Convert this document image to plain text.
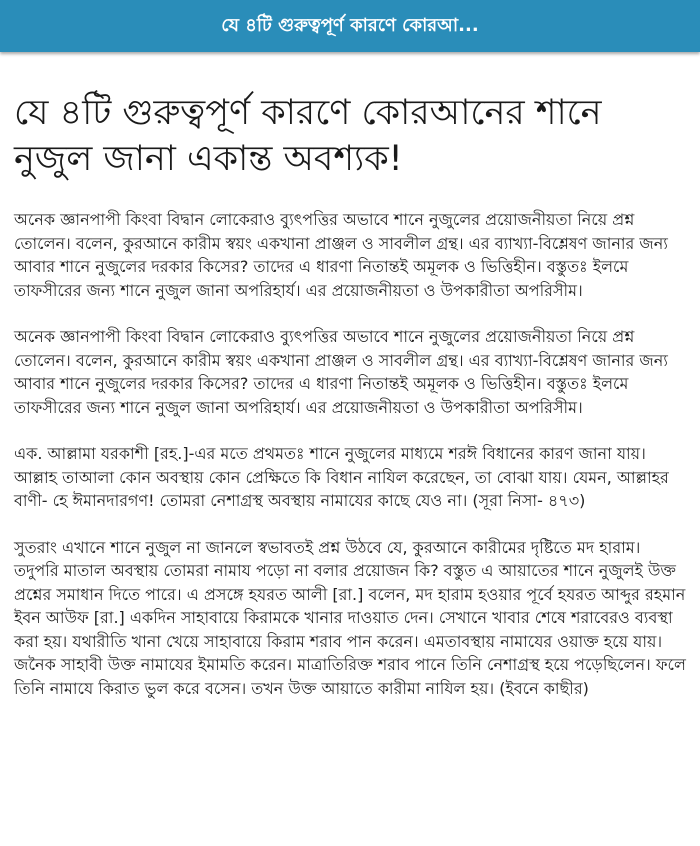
যে ৪টি গুরুত্বপূর্ণ কারণে কোরআ...
যে ৪টি গুরুত্বপূর্ণ কারণে কোরআনের শানে নুজুল জানা একান্ত অবশ্যক!

অনেক জ্ঞানপাপী কিংবা বিদ্বান লোকেরাও ব্যুৎপত্তির অভাবে শানে নুজুলের প্রয়োজনীয়তা নিয়ে প্রশ্ন তোলেন। বলেন, কুরআনে কারীম স্বয়ং একখানা প্রাঞ্জল ও সাবলীল গ্রন্থ। এর ব্যাখ্যা-বিশ্লেষণ জানার জন্য আবার শানে নুজুলের দরকার কিসের? তাদের এ ধারণা নিতান্তই অমূলক ও ভিত্তিহীন। বস্তুতঃ ইলমে তাফসীরের জন্য শানে নুজুল জানা অপরিহার্য। এর প্রয়োজনীয়তা ও উপকারীতা অপরিসীম।

অনেক জ্ঞানপাপী কিংবা বিদ্বান লোকেরাও ব্যুৎপত্তির অভাবে শানে নুজুলের প্রয়োজনীয়তা নিয়ে প্রশ্ন তোলেন। বলেন, কুরআনে কারীম স্বয়ং একখানা প্রাঞ্জল ও সাবলীল গ্রন্থ। এর ব্যাখ্যা-বিশ্লেষণ জানার জন্য আবার শানে নুজুলের দরকার কিসের? তাদের এ ধারণা নিতান্তই অমূলক ও ভিত্তিহীন। বস্তুতঃ ইলমে তাফসীরের জন্য শানে নুজুল জানা অপরিহার্য। এর প্রয়োজনীয়তা ও উপকারীতা অপরিসীম।

এক. আল্লামা যরকাশী [রহ.]-এর মতে প্রথমতঃ শানে নুজুলের মাধ্যমে শরঈ বিধানের কারণ জানা যায়। আল্লাহ তাআলা কোন অবস্থায় কোন প্রেক্ষিতে কি বিধান নাযিল করেছেন, তা বোঝা যায়। যেমন, আল্লাহর বাণী- হে ঈমানদারগণ! তোমরা নেশাগ্রস্থ অবস্থায় নামাযের কাছে যেও না। (সূরা নিসা- ৪৭৩)

সুতরাং এখানে শানে নুজুল না জানলে স্বভাবতই প্রশ্ন উঠবে যে, কুরআনে কারীমের দৃষ্টিতে মদ হারাম। তদুপরি মাতাল অবস্থায় তোমরা নামায পড়ো না বলার প্রয়োজন কি? বস্তুত এ আয়াতের শানে নুজুলই উক্ত প্রশ্নের সমাধান দিতে পারে। এ প্রসঙ্গে হযরত আলী [রা.] বলেন, মদ হারাম হওয়ার পূর্বে হযরত আব্দুর রহমান ইবন আউফ [রা.] একদিন সাহাবায়ে কিরামকে খানার দাওয়াত দেন। সেখানে খাবার শেষে শরাবেরও ব্যবস্থা করা হয়। যথারীতি খানা খেয়ে সাহাবায়ে কিরাম শরাব পান করেন। এমতাবস্থায় নামাযের ওয়াক্ত হয়ে যায়। জনৈক সাহাবী উক্ত নামাযের ইমামতি করেন। মাত্রাতিরিক্ত শরাব পানে তিনি নেশাগ্রস্থ হয়ে পড়েছিলেন। ফলে তিনি নামাযে কিরাত ভুল করে বসেন। তখন উক্ত আয়াতে কারীমা নাযিল হয়। (ইবনে কাছীর)
